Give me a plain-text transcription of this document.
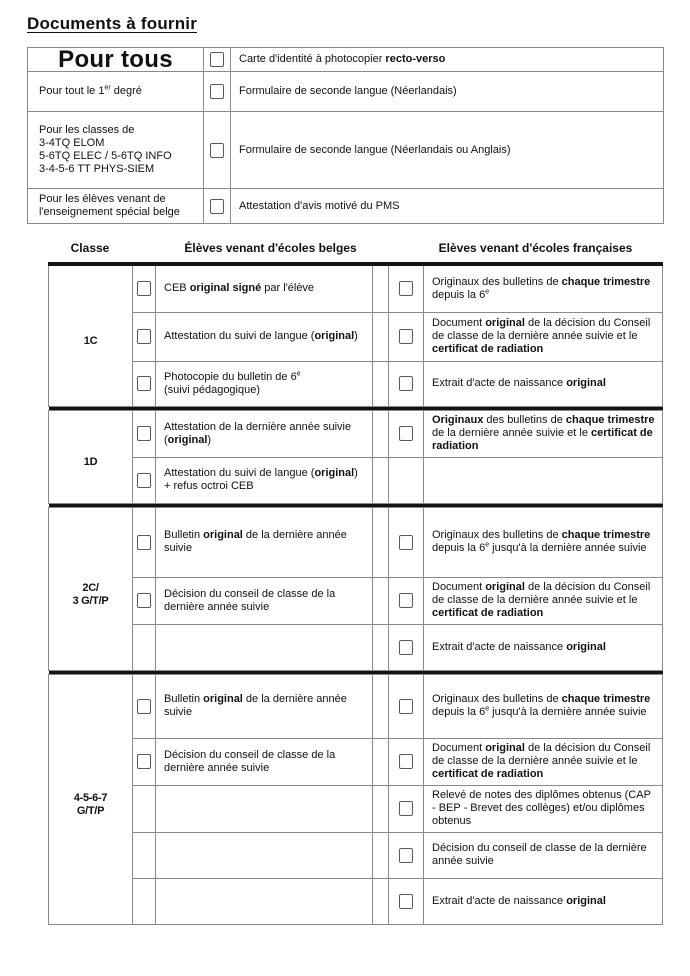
Documents à fournir
Pour tous		Carte d'identité à photocopier recto-verso
Pour tout le 1er degré		Formulaire de seconde langue (Néerlandais)
Pour les classes de
3-4TQ ELOM
5-6TQ ELEC / 5-6TQ INFO
3-4-5-6 TT PHYS-SIEM		Formulaire de seconde langue (Néerlandais ou Anglais)
Pour les élèves venant de
l'enseignement spécial belge		Attestation d'avis motivé du PMS
Classe	Élèves venant d'écoles belges	Elèves venant d'écoles françaises
1C		CEB original signé par l'élève			Originaux des bulletins de chaque trimestre depuis la 6e
		Attestation du suivi de langue (original)			Document original de la décision du Conseil de classe de la dernière année suivie et le certificat de radiation
		Photocopie du bulletin de 6e
(suivi pédagogique)			Extrait d'acte de naissance original

1D		Attestation de la dernière année suivie (original)			Originaux des bulletins de chaque trimestre de la dernière année suivie et le certificat de radiation
		Attestation du suivi de langue (original) + refus octroi CEB			

2C/
3 G/T/P		Bulletin original de la dernière année suivie			Originaux des bulletins de chaque trimestre depuis la 6e jusqu'à la dernière année suivie
		Décision du conseil de classe de la dernière année suivie			Document original de la décision du Conseil de classe de la dernière année suivie et le certificat de radiation
					Extrait d'acte de naissance original

4-5-6-7
G/T/P		Bulletin original de la dernière année suivie			Originaux des bulletins de chaque trimestre depuis la 6e jusqu'à la dernière année suivie
		Décision du conseil de classe de la dernière année suivie			Document original de la décision du Conseil de classe de la dernière année suivie et le certificat de radiation
					Relevé de notes des diplômes obtenus (CAP - BEP - Brevet des collèges) et/ou diplômes obtenus
					Décision du conseil de classe de la dernière année suivie
					Extrait d'acte de naissance original
